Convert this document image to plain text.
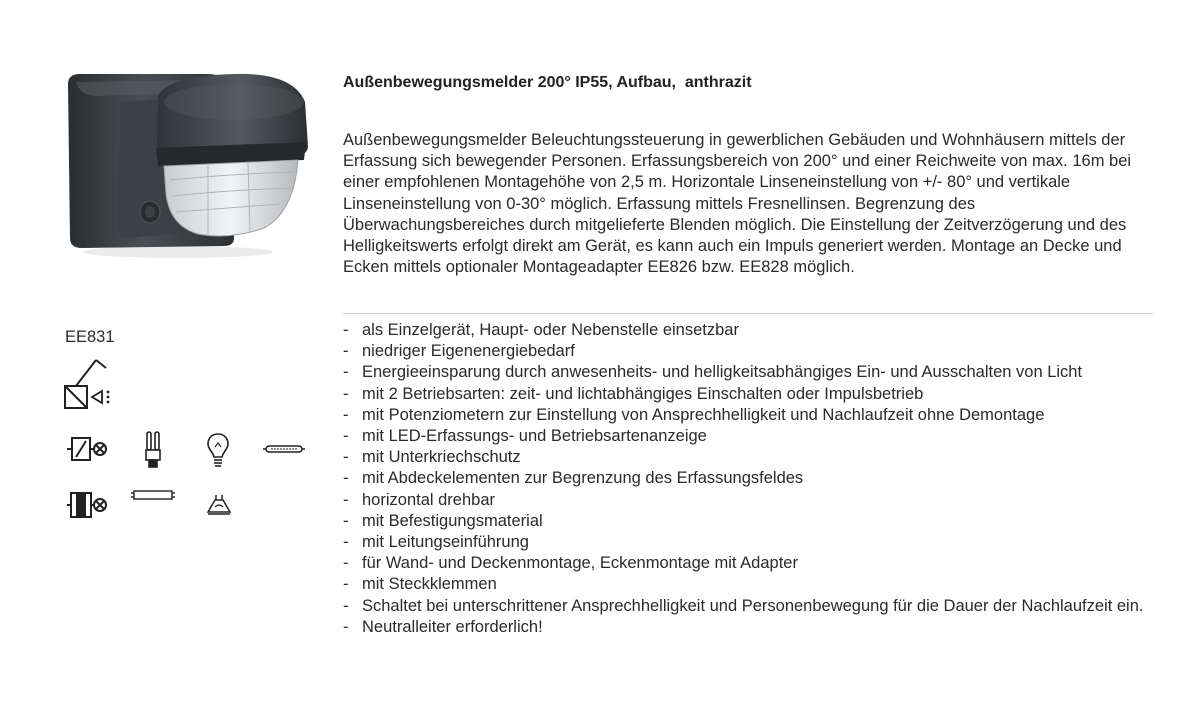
Außenbewegungsmelder 200° IP55, Aufbau,  anthrazit
Außenbewegungsmelder Beleuchtungssteuerung in gewerblichen Gebäuden und Wohnhäusern mittels der Erfassung sich bewegender Personen. Erfassungsbereich von 200° und einer Reichweite von max. 16m bei einer empfohlenen Montagehöhe von 2,5 m. Horizontale Linseneinstellung von +/- 80° und vertikale Linseneinstellung von 0-30° möglich. Erfassung mittels Fresnellinsen. Begrenzung des Überwachungsbereiches durch mitgelieferte Blenden möglich. Die Einstellung der Zeitverzögerung und des Helligkeitswerts erfolgt direkt am Gerät, es kann auch ein Impuls generiert werden. Montage an Decke und Ecken mittels optionaler Montageadapter EE826 bzw. EE828 möglich.
EE831
-	als Einzelgerät, Haupt- oder Nebenstelle einsetzbar
- niedriger Eigenenergiebedarf
- Energieeinsparung durch anwesenheits- und helligkeitsabhängiges Ein- und Ausschalten von Licht
- mit 2 Betriebsarten: zeit- und lichtabhängiges Einschalten oder Impulsbetrieb
- mit Potenziometern zur Einstellung von Ansprechhelligkeit und Nachlaufzeit ohne Demontage
- mit LED-Erfassungs- und Betriebsartenanzeige
- mit Unterkriechschutz
- mit Abdeckelementen zur Begrenzung des Erfassungsfeldes
- horizontal drehbar
- mit Befestigungsmaterial
- mit Leitungseinführung
- für Wand- und Deckenmontage, Eckenmontage mit Adapter
- mit Steckklemmen
- Schaltet bei unterschrittener Ansprechhelligkeit und Personenbewegung für die Dauer der Nachlaufzeit ein.
- Neutralleiter erforderlich!
